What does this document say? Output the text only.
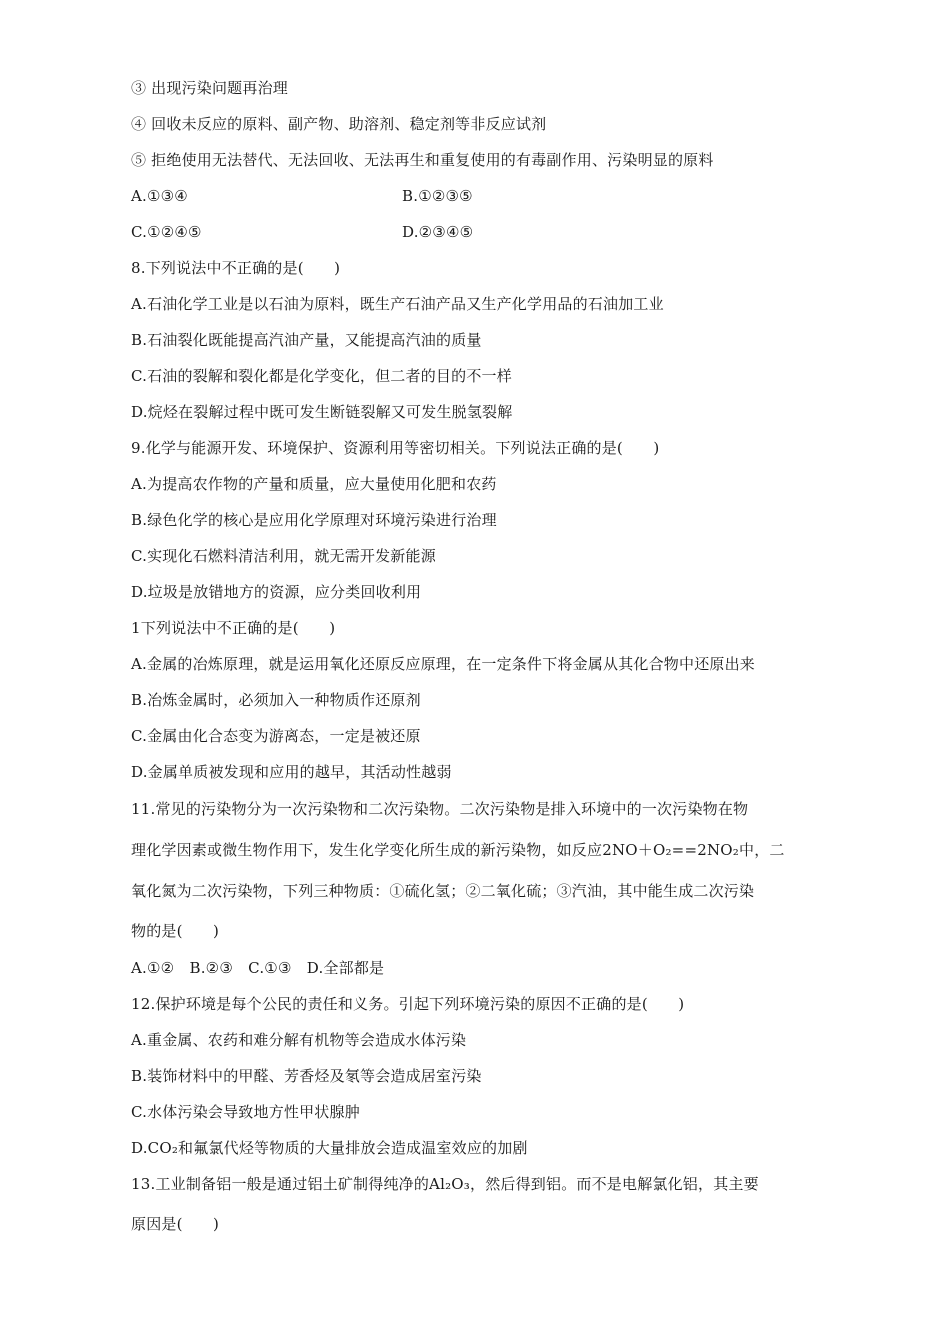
③ 出现污染问题再治理
④ 回收未反应的原料、副产物、助溶剂、稳定剂等非反应试剂
⑤ 拒绝使用无法替代、无法回收、无法再生和重复使用的有毒副作用、污染明显的原料
A.①③④	B.①②③⑤
C.①②④⑤	D.②③④⑤
8.下列说法中不正确的是(　　)
A.石油化学工业是以石油为原料，既生产石油产品又生产化学用品的石油加工业
B.石油裂化既能提高汽油产量，又能提高汽油的质量
C.石油的裂解和裂化都是化学变化，但二者的目的不一样
D.烷烃在裂解过程中既可发生断链裂解又可发生脱氢裂解
9.化学与能源开发、环境保护、资源利用等密切相关。下列说法正确的是(　　)
A.为提高农作物的产量和质量，应大量使用化肥和农药
B.绿色化学的核心是应用化学原理对环境污染进行治理
C.实现化石燃料清洁利用，就无需开发新能源
D.垃圾是放错地方的资源，应分类回收利用
1下列说法中不正确的是(　　)
A.金属的冶炼原理，就是运用氧化还原反应原理，在一定条件下将金属从其化合物中还原出来
B.冶炼金属时，必须加入一种物质作还原剂
C.金属由化合态变为游离态，一定是被还原
D.金属单质被发现和应用的越早，其活动性越弱
11.常见的污染物分为一次污染物和二次污染物。二次污染物是排入环境中的一次污染物在物
理化学因素或微生物作用下，发生化学变化所生成的新污染物，如反应2NO＋O₂==2NO₂中，二
氧化氮为二次污染物，下列三种物质：①硫化氢；②二氧化硫；③汽油，其中能生成二次污染
物的是(　　)
A.①②　B.②③　C.①③　D.全部都是
12.保护环境是每个公民的责任和义务。引起下列环境污染的原因不正确的是(　　)
A.重金属、农药和难分解有机物等会造成水体污染
B.装饰材料中的甲醛、芳香烃及氡等会造成居室污染
C.水体污染会导致地方性甲状腺肿
D.CO₂和氟氯代烃等物质的大量排放会造成温室效应的加剧
13.工业制备铝一般是通过铝土矿制得纯净的Al₂O₃，然后得到铝。而不是电解氯化铝，其主要
原因是(　　)
